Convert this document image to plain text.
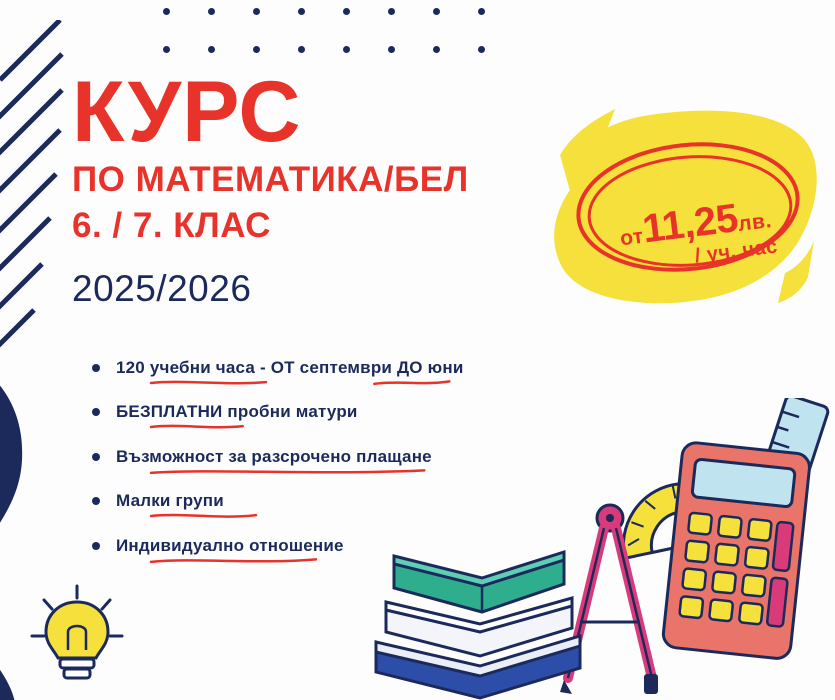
КУРС
ПО МАТЕМАТИКА/БЕЛ
6. / 7. КЛАС
2025/2026
от11,25лв.
/ уч. час
120 учебни часа - ОТ септември ДО юни
БЕЗПЛАТНИ пробни матури
Възможност за разсрочено плащане
Малки групи
Индивидуално отношение
